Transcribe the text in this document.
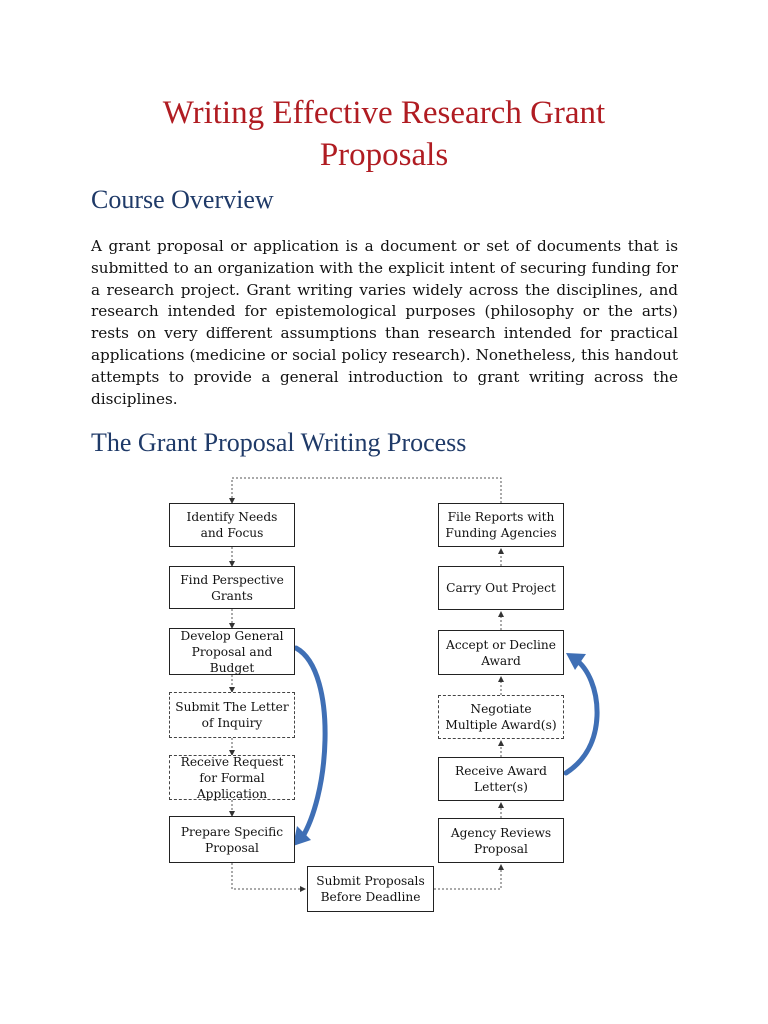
Writing Effective Research Grant Proposals
Course Overview

A grant proposal or application is a document or set of documents that is submitted to an organization with the explicit intent of securing funding for a research project. Grant writing varies widely across the disciplines, and research intended for epistemological purposes (philosophy or the arts) rests on very different assumptions than research intended for practical applications (medicine or social policy research). Nonetheless, this handout attempts to provide a general introduction to grant writing across the disciplines.

The Grant Proposal Writing Process
Identify Needs
and Focus
Find Perspective
Grants
Develop General
Proposal and
Budget
Submit The Letter
of Inquiry
Receive Request
for Formal
Application
Prepare Specific
Proposal
Submit Proposals
Before Deadline
Agency Reviews
Proposal
Receive Award
Letter(s)
Negotiate
Multiple Award(s)
Accept or Decline
Award
Carry Out Project
File Reports with
Funding Agencies
